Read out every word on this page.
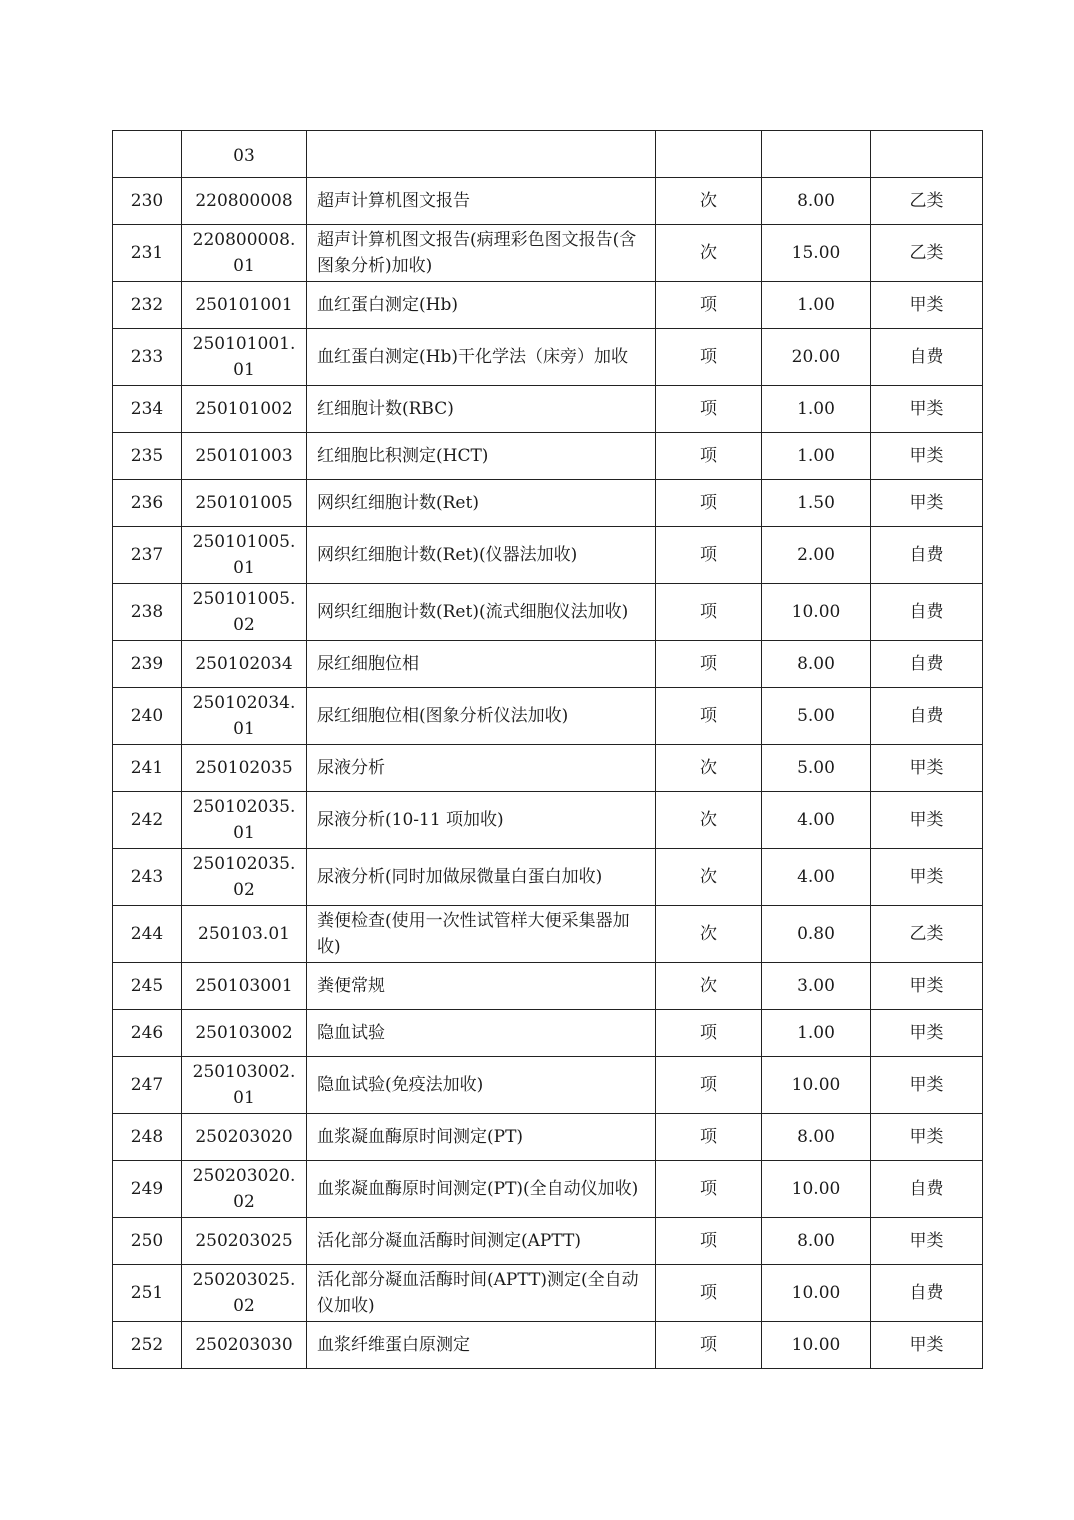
	03				

230	220800008	超声计算机图文报告	次	8.00	乙类
231	220800008.01	超声计算机图文报告(病理彩色图文报告(含图象分析)加收)	次	15.00	乙类
232	250101001	血红蛋白测定(Hb)	项	1.00	甲类
233	250101001.01	血红蛋白测定(Hb)干化学法（床旁）加收	项	20.00	自费
234	250101002	红细胞计数(RBC)	项	1.00	甲类
235	250101003	红细胞比积测定(HCT)	项	1.00	甲类
236	250101005	网织红细胞计数(Ret)	项	1.50	甲类
237	250101005.01	网织红细胞计数(Ret)(仪器法加收)	项	2.00	自费
238	250101005.02	网织红细胞计数(Ret)(流式细胞仪法加收)	项	10.00	自费
239	250102034	尿红细胞位相	项	8.00	自费
240	250102034.01	尿红细胞位相(图象分析仪法加收)	项	5.00	自费
241	250102035	尿液分析	次	5.00	甲类
242	250102035.01	尿液分析(10-11 项加收)	次	4.00	甲类
243	250102035.02	尿液分析(同时加做尿微量白蛋白加收)	次	4.00	甲类
244	250103.01	粪便检查(使用一次性试管样大便采集器加收)	次	0.80	乙类
245	250103001	粪便常规	次	3.00	甲类
246	250103002	隐血试验	项	1.00	甲类
247	250103002.01	隐血试验(免疫法加收)	项	10.00	甲类
248	250203020	血浆凝血酶原时间测定(PT)	项	8.00	甲类
249	250203020.02	血浆凝血酶原时间测定(PT)(全自动仪加收)	项	10.00	自费
250	250203025	活化部分凝血活酶时间测定(APTT)	项	8.00	甲类
251	250203025.02	活化部分凝血活酶时间(APTT)测定(全自动仪加收)	项	10.00	自费
252	250203030	血浆纤维蛋白原测定	项	10.00	甲类
